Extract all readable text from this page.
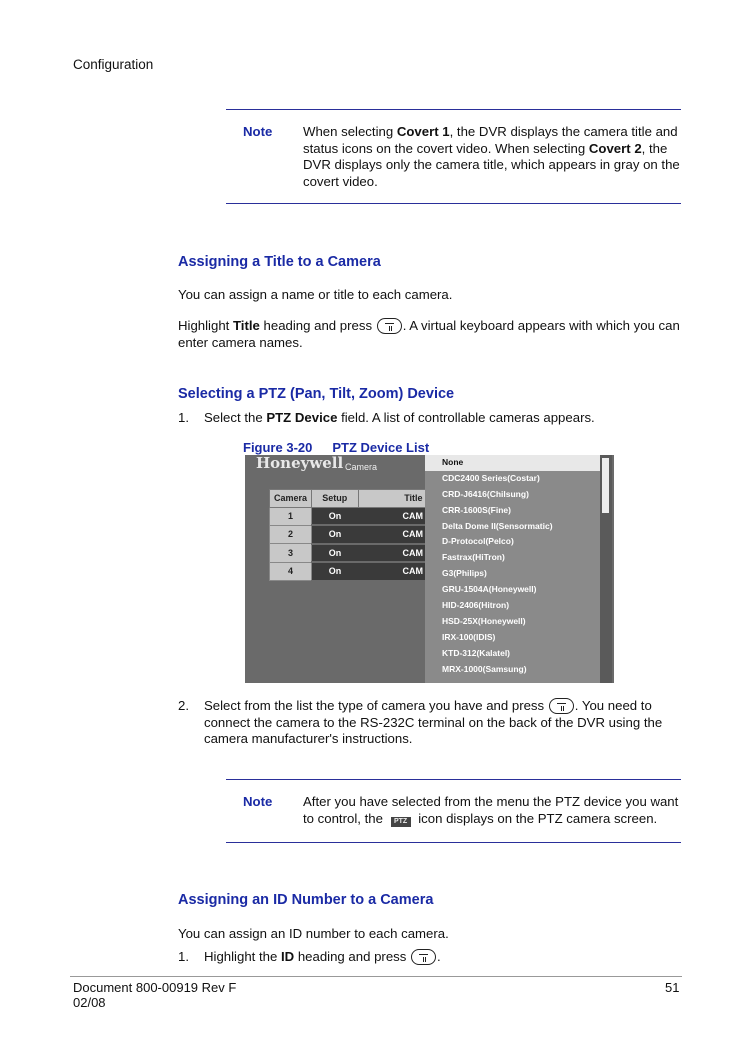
Configuration
Note When selecting Covert 1, the DVR displays the camera title and status icons on the covert video. When selecting Covert 2, the DVR displays only the camera title, which appears in gray on the covert video.
Assigning a Title to a Camera
You can assign a name or title to each camera.
Highlight Title heading and press . A virtual keyboard appears with which you can enter camera names.
Selecting a PTZ (Pan, Tilt, Zoom) Device
1. Select the PTZ Device field. A list of controllable cameras appears.
Figure 3-20 PTZ Device List
Honeywell Camera
Camera	Setup	Title
1	On	CAM
2	On	CAM
3	On	CAM
4	On	CAM
None
CDC2400 Series(Costar)
CRD-J6416(Chilsung)
CRR-1600S(Fine)
Delta Dome II(Sensormatic)
D-Protocol(Pelco)
Fastrax(HiTron)
G3(Philips)
GRU-1504A(Honeywell)
HID-2406(Hitron)
HSD-25X(Honeywell)
IRX-100(IDIS)
KTD-312(Kalatel)
MRX-1000(Samsung)
2. Select from the list the type of camera you have and press . You need to connect the camera to the RS-232C terminal on the back of the DVR using the camera manufacturer's instructions.
Note After you have selected from the menu the PTZ device you want to control, the PTZ icon displays on the PTZ camera screen.
Assigning an ID Number to a Camera
You can assign an ID number to each camera.
1. Highlight the ID heading and press .
Document 800-00919 Rev F
02/08
51
